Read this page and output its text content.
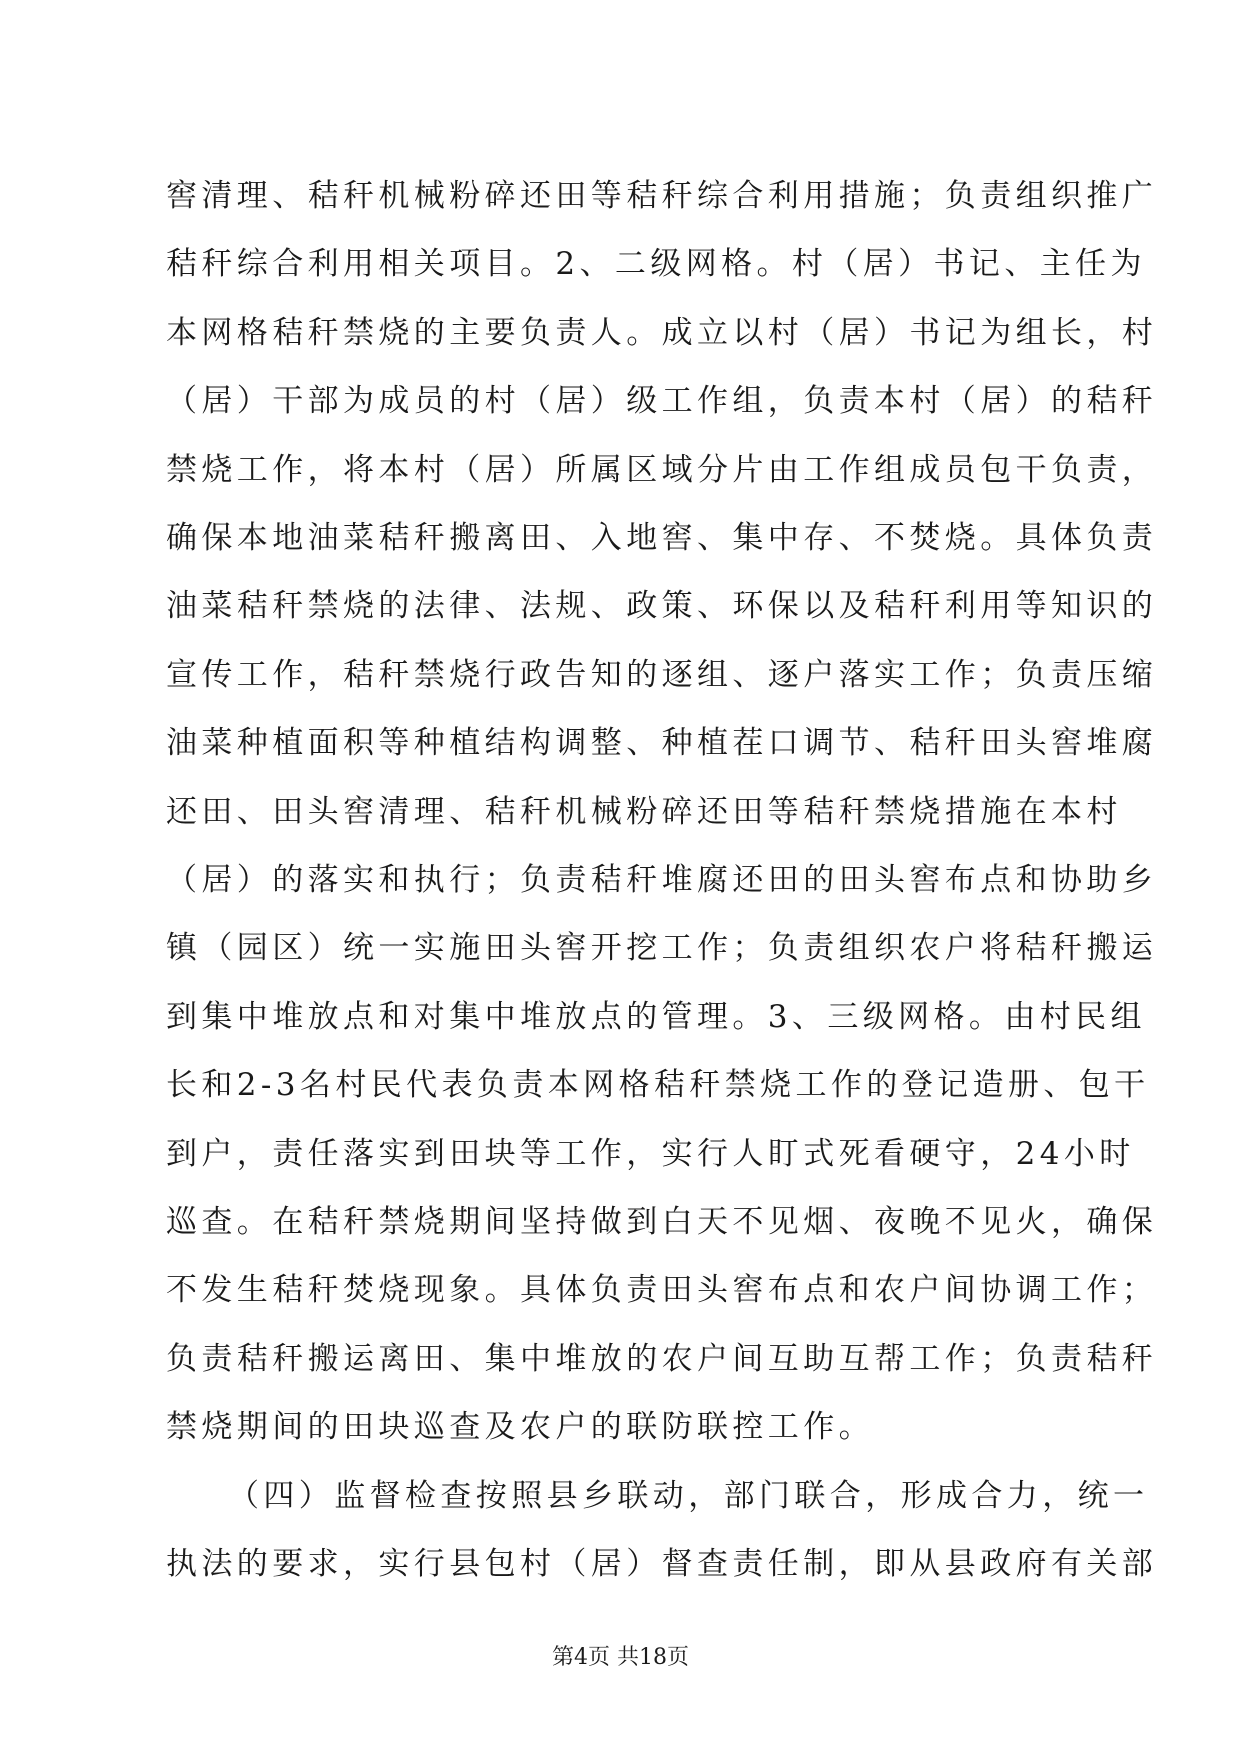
窖清理、秸秆机械粉碎还田等秸秆综合利用措施；负责组织推广
秸秆综合利用相关项目。2、二级网格。村（居）书记、主任为
本网格秸秆禁烧的主要负责人。成立以村（居）书记为组长，村
（居）干部为成员的村（居）级工作组，负责本村（居）的秸秆
禁烧工作，将本村（居）所属区域分片由工作组成员包干负责，
确保本地油菜秸秆搬离田、入地窖、集中存、不焚烧。具体负责
油菜秸秆禁烧的法律、法规、政策、环保以及秸秆利用等知识的
宣传工作，秸秆禁烧行政告知的逐组、逐户落实工作；负责压缩
油菜种植面积等种植结构调整、种植茬口调节、秸秆田头窖堆腐
还田、田头窖清理、秸秆机械粉碎还田等秸秆禁烧措施在本村
（居）的落实和执行；负责秸秆堆腐还田的田头窖布点和协助乡
镇（园区）统一实施田头窖开挖工作；负责组织农户将秸秆搬运
到集中堆放点和对集中堆放点的管理。3、三级网格。由村民组
长和2-3名村民代表负责本网格秸秆禁烧工作的登记造册、包干
到户，责任落实到田块等工作，实行人盯式死看硬守，24小时
巡查。在秸秆禁烧期间坚持做到白天不见烟、夜晚不见火，确保
不发生秸秆焚烧现象。具体负责田头窖布点和农户间协调工作；
负责秸秆搬运离田、集中堆放的农户间互助互帮工作；负责秸秆
禁烧期间的田块巡查及农户的联防联控工作。
（四）监督检查按照县乡联动，部门联合，形成合力，统一
执法的要求，实行县包村（居）督查责任制，即从县政府有关部
第4页 共18页
